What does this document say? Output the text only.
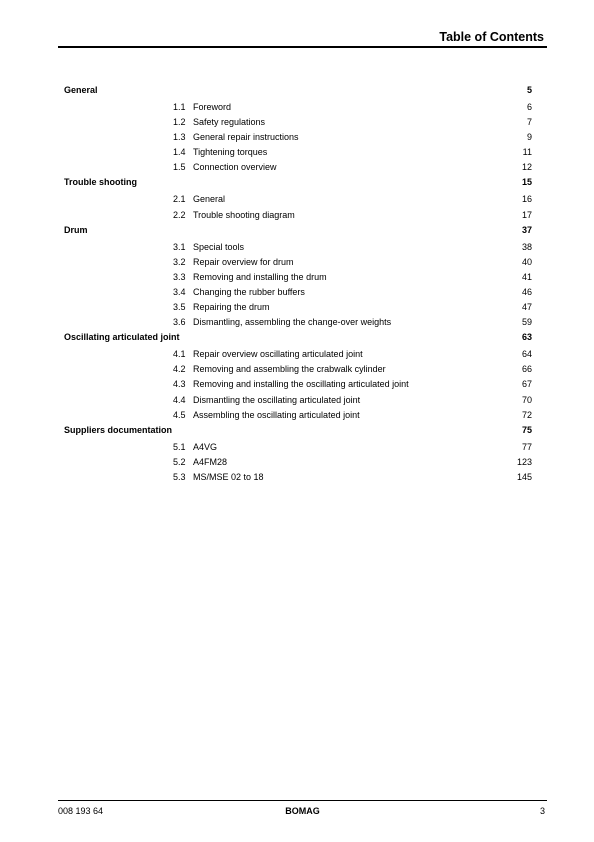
Table of Contents
General	5
1.1 Foreword	6
1.2 Safety regulations	7
1.3 General repair instructions	9
1.4 Tightening torques	11
1.5 Connection overview	12
Trouble shooting	15
2.1 General	16
2.2 Trouble shooting diagram	17
Drum	37
3.1 Special tools	38
3.2 Repair overview for drum	40
3.3 Removing and installing the drum	41
3.4 Changing the rubber buffers	46
3.5 Repairing the drum	47
3.6 Dismantling, assembling the change-over weights	59
Oscillating articulated joint	63
4.1 Repair overview oscillating articulated joint	64
4.2 Removing and assembling the crabwalk cylinder	66
4.3 Removing and installing the oscillating articulated joint	67
4.4 Dismantling the oscillating articulated joint	70
4.5 Assembling the oscillating articulated joint	72
Suppliers documentation	75
5.1 A4VG	77
5.2 A4FM28	123
5.3 MS/MSE 02 to 18	145
008 193 64	BOMAG	3
